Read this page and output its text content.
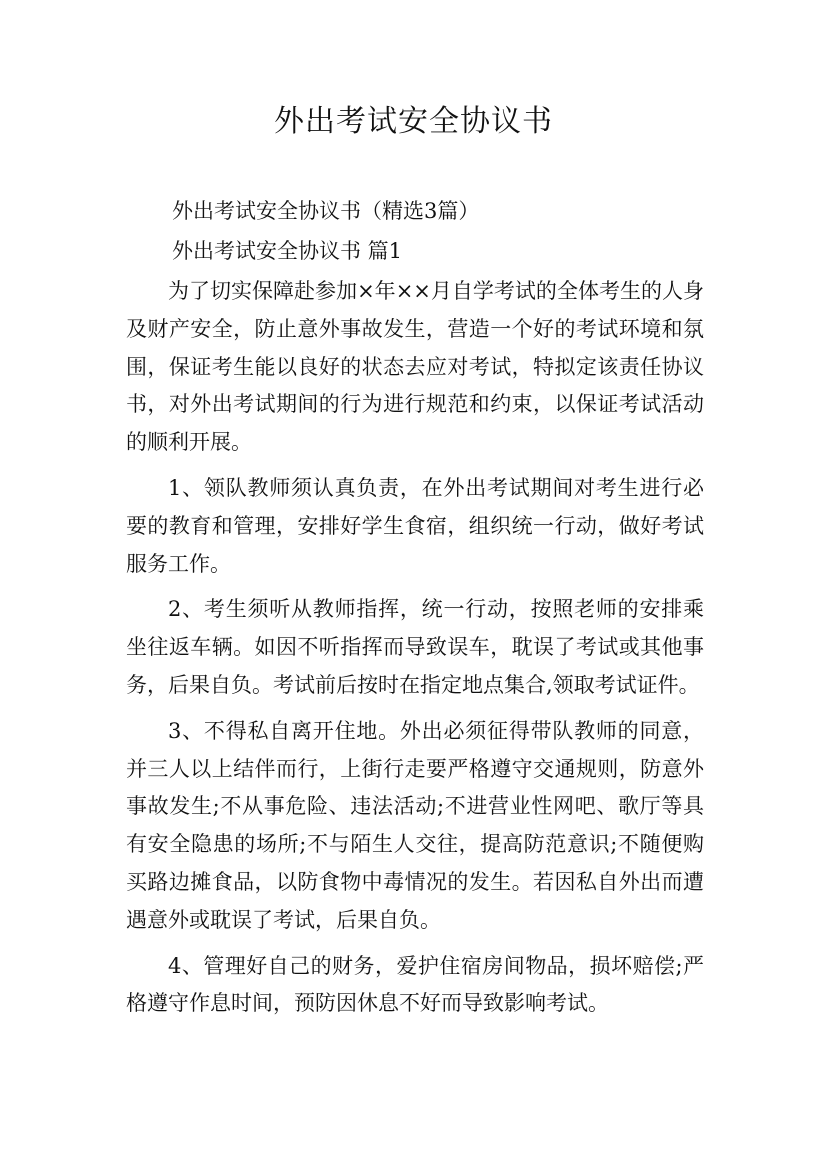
外出考试安全协议书

外出考试安全协议书（精选3篇）

外出考试安全协议书 篇1

为了切实保障赴参加×年××月自学考试的全体考生的人身及财产安全，防止意外事故发生，营造一个好的考试环境和氛围，保证考生能以良好的状态去应对考试，特拟定该责任协议书，对外出考试期间的行为进行规范和约束，以保证考试活动的顺利开展。

1、领队教师须认真负责，在外出考试期间对考生进行必要的教育和管理，安排好学生食宿，组织统一行动，做好考试服务工作。

2、考生须听从教师指挥，统一行动，按照老师的安排乘坐往返车辆。如因不听指挥而导致误车，耽误了考试或其他事务，后果自负。考试前后按时在指定地点集合,领取考试证件。

3、不得私自离开住地。外出必须征得带队教师的同意，并三人以上结伴而行，上街行走要严格遵守交通规则，防意外事故发生;不从事危险、违法活动;不进营业性网吧、歌厅等具有安全隐患的场所;不与陌生人交往，提高防范意识;不随便购买路边摊食品，以防食物中毒情况的发生。若因私自外出而遭遇意外或耽误了考试，后果自负。

4、管理好自己的财务，爱护住宿房间物品，损坏赔偿;严格遵守作息时间，预防因休息不好而导致影响考试。
